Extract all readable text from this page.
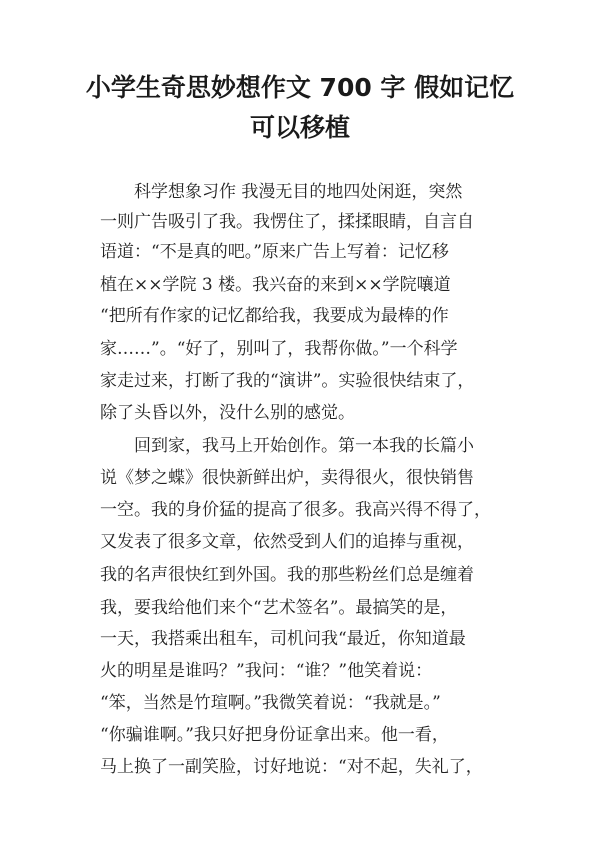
小学生奇思妙想作文 700 字 假如记忆
可以移植
科学想象习作 我漫无目的地四处闲逛，突然
一则广告吸引了我。我愣住了，揉揉眼睛，自言自
语道：“不是真的吧。”原来广告上写着：记忆移
植在××学院 3 楼。我兴奋的来到××学院嚷道
“把所有作家的记忆都给我，我要成为最棒的作
家……”。“好了，别叫了，我帮你做。”一个科学
家走过来，打断了我的“演讲”。实验很快结束了，
除了头昏以外，没什么别的感觉。
回到家，我马上开始创作。第一本我的长篇小
说《梦之蝶》很快新鲜出炉，卖得很火，很快销售
一空。我的身价猛的提高了很多。我高兴得不得了，
又发表了很多文章，依然受到人们的追捧与重视，
我的名声很快红到外国。我的那些粉丝们总是缠着
我，要我给他们来个“艺术签名”。最搞笑的是，
一天，我搭乘出租车，司机问我“最近，你知道最
火的明星是谁吗？”我问：“谁？”他笑着说：
“笨，当然是竹瑄啊。”我微笑着说：“我就是。”
“你骗谁啊。”我只好把身份证拿出来。他一看，
马上换了一副笑脸，讨好地说：“对不起，失礼了，
